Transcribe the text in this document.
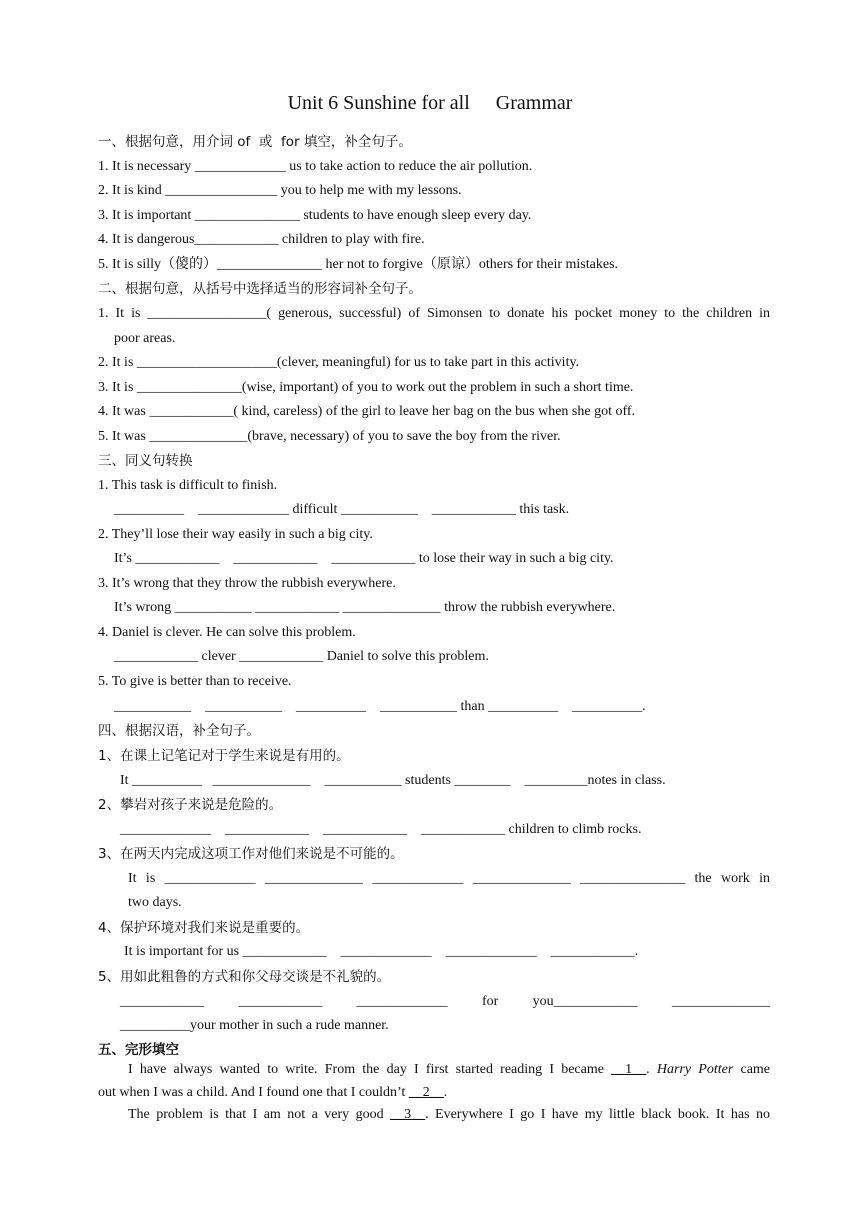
Unit 6 Sunshine for all Grammar
一、根据句意，用介词 of  或  for 填空，补全句子。
1. It is necessary _____________ us to take action to reduce the air pollution.
2. It is kind ________________ you to help me with my lessons.
3. It is important _______________ students to have enough sleep every day.
4. It is dangerous____________ children to play with fire.
5. It is silly（傻的）_______________ her not to forgive（原谅）others for their mistakes.
二、根据句意，从括号中选择适当的形容词补全句子。
1. It is _________________( generous, successful) of Simonsen to donate his pocket money to the children in
poor areas.
2. It is ____________________(clever, meaningful) for us to take part in this activity.
3. It is _______________(wise, important) of you to work out the problem in such a short time.
4. It was ____________( kind, careless) of the girl to leave her bag on the bus when she got off.
5. It was ______________(brave, necessary) of you to save the boy from the river.
三、同义句转换
1. This task is difficult to finish.
__________    _____________ difficult ___________    ____________ this task.
2. They’ll lose their way easily in such a big city.
It’s ____________    ____________    ____________ to lose their way in such a big city.
3. It’s wrong that they throw the rubbish everywhere.
It’s wrong ___________ ____________ ______________ throw the rubbish everywhere.
4. Daniel is clever. He can solve this problem.
____________ clever ____________ Daniel to solve this problem.
5. To give is better than to receive.
___________    ___________    __________    ___________ than __________    __________.
四、根据汉语，补全句子。
1、在课上记笔记对于学生来说是有用的。
It __________   ______________    ___________ students ________    _________notes in class.
2、攀岩对孩子来说是危险的。
_____________    ____________    ____________    ____________ children to climb rocks.
3、在两天内完成这项工作对他们来说是不可能的。
It is _____________ ______________ _____________ ______________ _______________ the work in
two days.
4、保护环境对我们来说是重要的。
It is important for us ____________    _____________    _____________    ____________.
5、用如此粗鲁的方式和你父母交谈是不礼貌的。
____________ ____________ _____________ for you____________ ______________
__________your mother in such a rude manner.
五、完形填空
I have always wanted to write. From the day I first started reading I became __1__. Harry Potter came
out when I was a child. And I found one that I couldn’t __2__.
The problem is that I am not a very good __3__. Everywhere I go I have my little black book. It has no
